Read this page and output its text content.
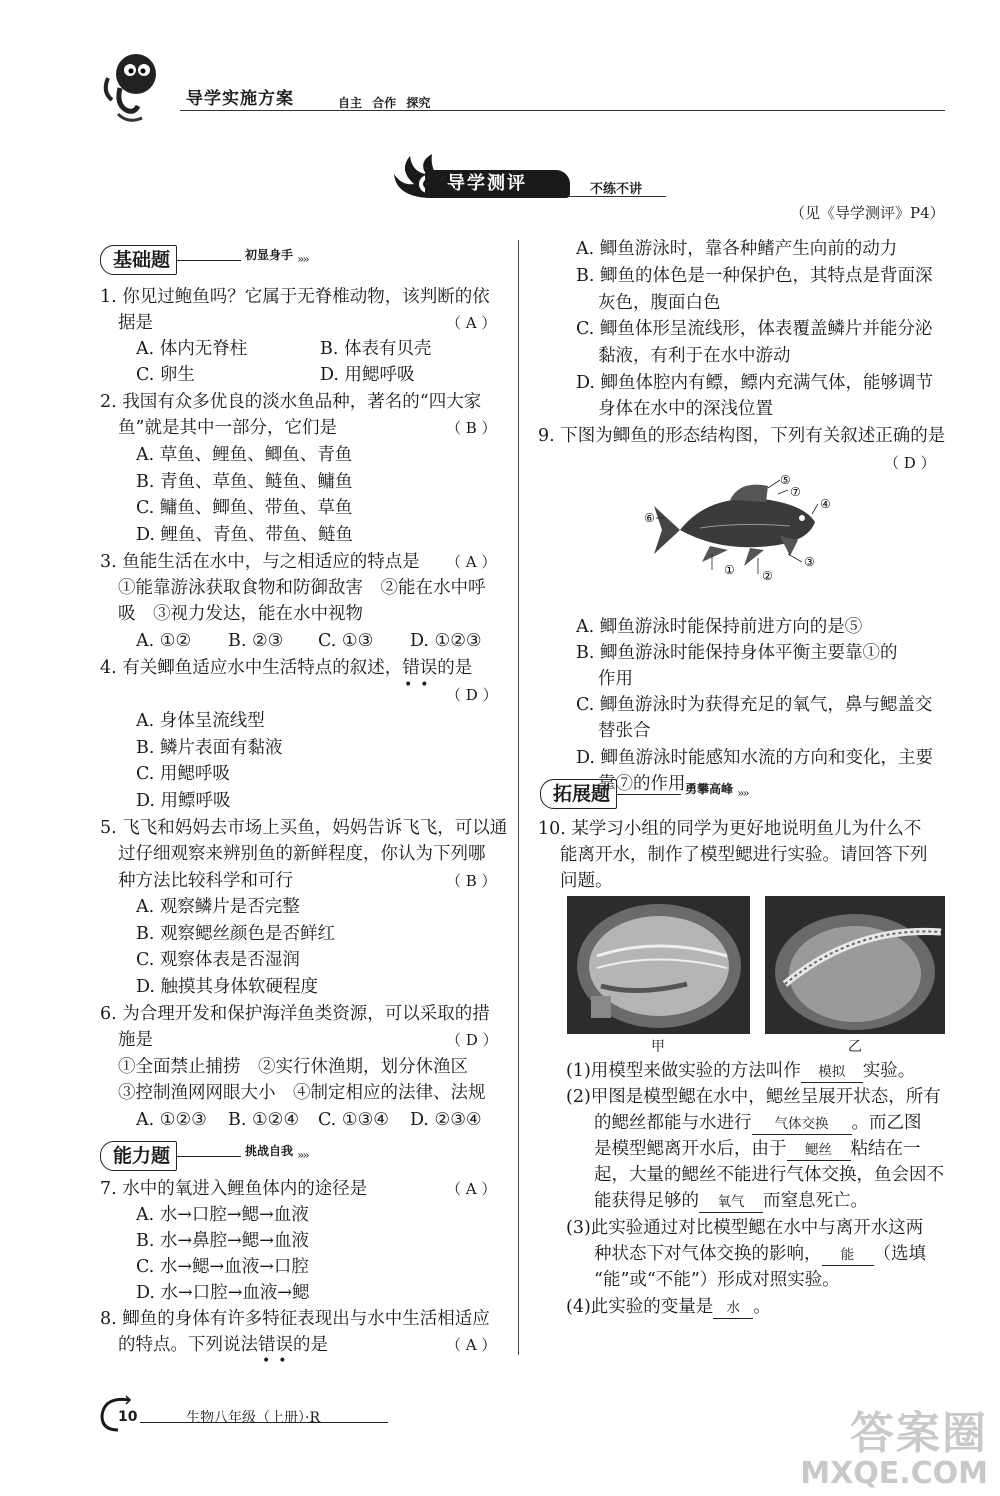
导学实施方案	自主 合作 探究
导学测评	不练不讲
（见《导学测评》P4）
基础题	初显身手 »»
1. 你见过鲍鱼吗？它属于无脊椎动物，该判断的依
据是	（ A ）
A. 体内无脊柱	B. 体表有贝壳
C. 卵生	D. 用鳃呼吸
2. 我国有众多优良的淡水鱼品种，著名的“四大家
鱼”就是其中一部分，它们是	（ B ）
A. 草鱼、鲤鱼、鲫鱼、青鱼
B. 青鱼、草鱼、鲢鱼、鳙鱼
C. 鳙鱼、鲫鱼、带鱼、草鱼
D. 鲤鱼、青鱼、带鱼、鲢鱼
3. 鱼能生活在水中，与之相适应的特点是 （ A ）
①能靠游泳获取食物和防御敌害　②能在水中呼
吸　③视力发达，能在水中视物
A. ①② B. ②③ C. ①③ D. ①②③
4. 有关鲫鱼适应水中生活特点的叙述，错误的是
••
（ D ）
A. 身体呈流线型
B. 鳞片表面有黏液
C. 用鳃呼吸
D. 用鳔呼吸
5. 飞飞和妈妈去市场上买鱼，妈妈告诉飞飞，可以通
过仔细观察来辨别鱼的新鲜程度，你认为下列哪
种方法比较科学和可行	（ B ）
A. 观察鳞片是否完整
B. 观察鳃丝颜色是否鲜红
C. 观察体表是否湿润
D. 触摸其身体软硬程度
6. 为合理开发和保护海洋鱼类资源，可以采取的措
施是	（ D ）
①全面禁止捕捞　②实行休渔期，划分休渔区
③控制渔网网眼大小　④制定相应的法律、法规
A. ①②③ B. ①②④ C. ①③④ D. ②③④
能力题	挑战自我 »»
7. 水中的氧进入鲤鱼体内的途径是	（ A ）
A. 水→口腔→鳃→血液
B. 水→鼻腔→鳃→血液
C. 水→鳃→血液→口腔
D. 水→口腔→血液→鳃
8. 鲫鱼的身体有许多特征表现出与水中生活相适应
的特点。下列说法错误的是
••
（ A ）
A. 鲫鱼游泳时，靠各种鳍产生向前的动力
B. 鲫鱼的体色是一种保护色，其特点是背面深
灰色，腹面白色
C. 鲫鱼体形呈流线形，体表覆盖鳞片并能分泌
黏液，有利于在水中游动
D. 鲫鱼体腔内有鳔，鳔内充满气体，能够调节
身体在水中的深浅位置
9. 下图为鲫鱼的形态结构图，下列有关叙述正确的是
（ D ）
① ②
③
④
⑤
⑥
⑦
A. 鲫鱼游泳时能保持前进方向的是⑤
B. 鲫鱼游泳时能保持身体平衡主要靠①的
作用
C. 鲫鱼游泳时为获得充足的氧气，鼻与鳃盖交
替张合
D. 鲫鱼游泳时能感知水流的方向和变化，主要
靠⑦的作用
拓展题	勇攀高峰 »»
10. 某学习小组的同学为更好地说明鱼儿为什么不
能离开水，制作了模型鳃进行实验。请回答下列
问题。
甲	乙
(1)用模型来做实验的方法叫作 模拟 实验。
(2)甲图是模型鳃在水中，鳃丝呈展开状态，所有
的鳃丝都能与水进行 气体交换 。而乙图
是模型鳃离开水后，由于 鳃丝 粘结在一
起，大量的鳃丝不能进行气体交换，鱼会因不
能获得足够的 氧气 而窒息死亡。
(3)此实验通过对比模型鳃在水中与离开水这两
种状态下对气体交换的影响， 能 （选填
“能”或“不能”）形成对照实验。
(4)此实验的变量是 水 。
10	生物八年级（上册）·R	答案圈
MXQE.COM
